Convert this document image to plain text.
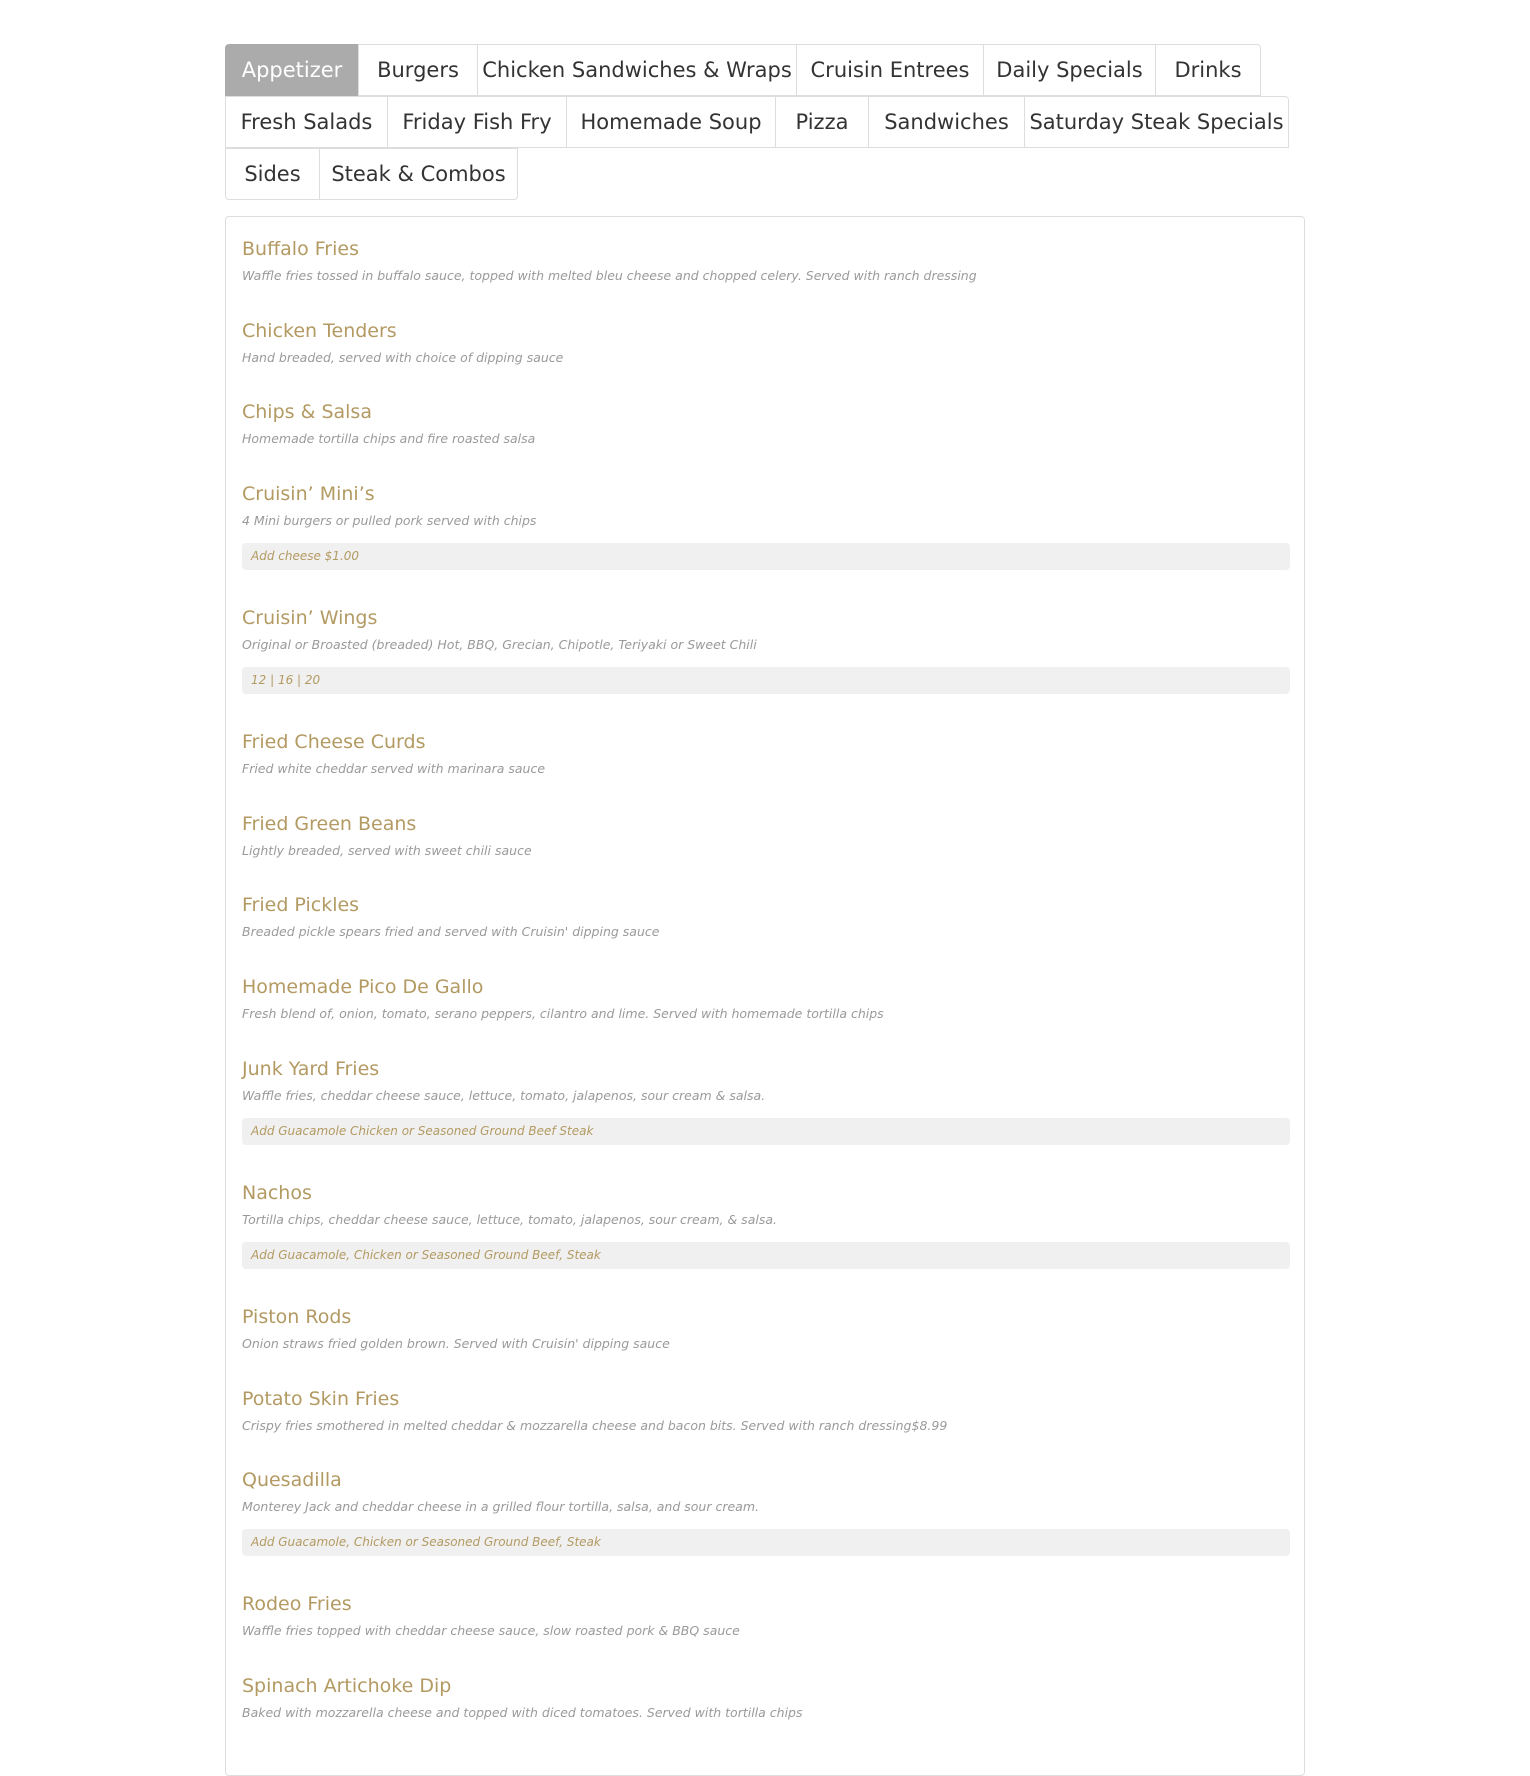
Appetizer	Burgers	Chicken Sandwiches & Wraps Cruisin Entrees	Daily Specials	Drinks
Fresh Salads	Friday Fish Fry	Homemade Soup	Pizza	Sandwiches Saturday Steak Specials
Sides	Steak & Combos
Buffalo Fries
Waffle fries tossed in buffalo sauce, topped with melted bleu cheese and chopped celery. Served with ranch dressing
Chicken Tenders
Hand breaded, served with choice of dipping sauce
Chips & Salsa
Homemade tortilla chips and fire roasted salsa
Cruisin’ Mini’s
4 Mini burgers or pulled pork served with chips
Add cheese $1.00
Cruisin’ Wings
Original or Broasted (breaded) Hot, BBQ, Grecian, Chipotle, Teriyaki or Sweet Chili
12 | 16 | 20
Fried Cheese Curds
Fried white cheddar served with marinara sauce
Fried Green Beans
Lightly breaded, served with sweet chili sauce
Fried Pickles
Breaded pickle spears fried and served with Cruisin' dipping sauce
Homemade Pico De Gallo
Fresh blend of, onion, tomato, serano peppers, cilantro and lime. Served with homemade tortilla chips
Junk Yard Fries
Waffle fries, cheddar cheese sauce, lettuce, tomato, jalapenos, sour cream & salsa.
Add Guacamole Chicken or Seasoned Ground Beef Steak
Nachos
Tortilla chips, cheddar cheese sauce, lettuce, tomato, jalapenos, sour cream, & salsa.
Add Guacamole, Chicken or Seasoned Ground Beef, Steak
Piston Rods
Onion straws fried golden brown. Served with Cruisin' dipping sauce
Potato Skin Fries
Crispy fries smothered in melted cheddar & mozzarella cheese and bacon bits. Served with ranch dressing$8.99
Quesadilla
Monterey Jack and cheddar cheese in a grilled flour tortilla, salsa, and sour cream.
Add Guacamole, Chicken or Seasoned Ground Beef, Steak
Rodeo Fries
Waffle fries topped with cheddar cheese sauce, slow roasted pork & BBQ sauce
Spinach Artichoke Dip
Baked with mozzarella cheese and topped with diced tomatoes. Served with tortilla chips
